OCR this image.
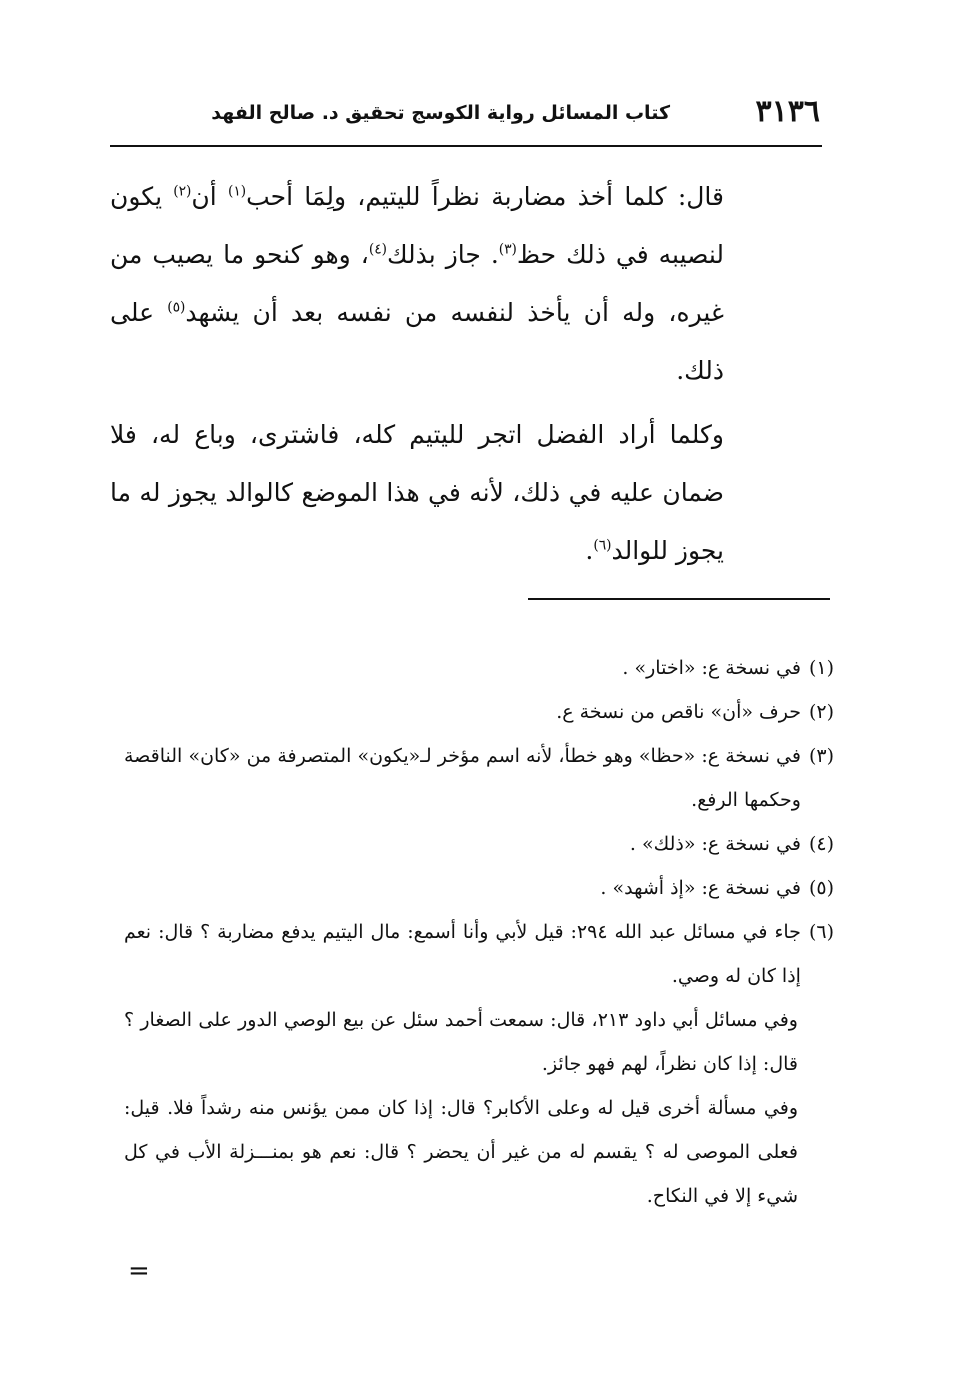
٣١٣٦
كتاب المسائل رواية الكوسج تحقيق د. صالح الفهد

قال: كلما أخذ مضاربة نظراً لليتيم، ولِمَا أحب$^{(١)}$ أن$^{(٢)}$ يكون لنصيبه في ذلك حظ$^{(٣)}$. جاز بذلك$^{(٤)}$، وهو كنحو ما يصيب من غيره، وله أن يأخذ لنفسه من نفسه بعد أن يشهد$^{(٥)}$ على ذلك.

وكلما أراد الفضل اتجر لليتيم كله، فاشترى، وباع له، فلا ضمان عليه في ذلك، لأنه في هذا الموضع كالوالد يجوز له ما يجوز للوالد$^{(٦)}$.

(١)
في نسخة ع: «اختار» .
(٢)
حرف «أن» ناقص من نسخة ع.
(٣)
في نسخة ع: «حظا» وهو خطأ، لأنه اسم مؤخر لـ«يكون» المتصرفة من «كان» الناقصة وحكمها الرفع.
(٤)
في نسخة ع: «ذلك» .
(٥)
في نسخة ع: «إذ أشهد» .
(٦)
جاء في مسائل عبد الله ٢٩٤: قيل لأبي وأنا أسمع: مال اليتيم يدفع مضاربة ؟ قال: نعم إذا كان له وصي.

وفي مسائل أبي داود ٢١٣، قال: سمعت أحمد سئل عن بيع الوصي الدور على الصغار ؟ قال: إذا كان نظراً، لهم فهو جائز.

وفي مسألة أخرى قيل له وعلى الأكابر؟ قال: إذا كان ممن يؤنس منه رشداً فلا. قيل: فعلى الموصى له ؟ يقسم له من غير أن يحضر ؟ قال: نعم هو بمنـــزلة الأب في كل شيء إلا في النكاح.

=
